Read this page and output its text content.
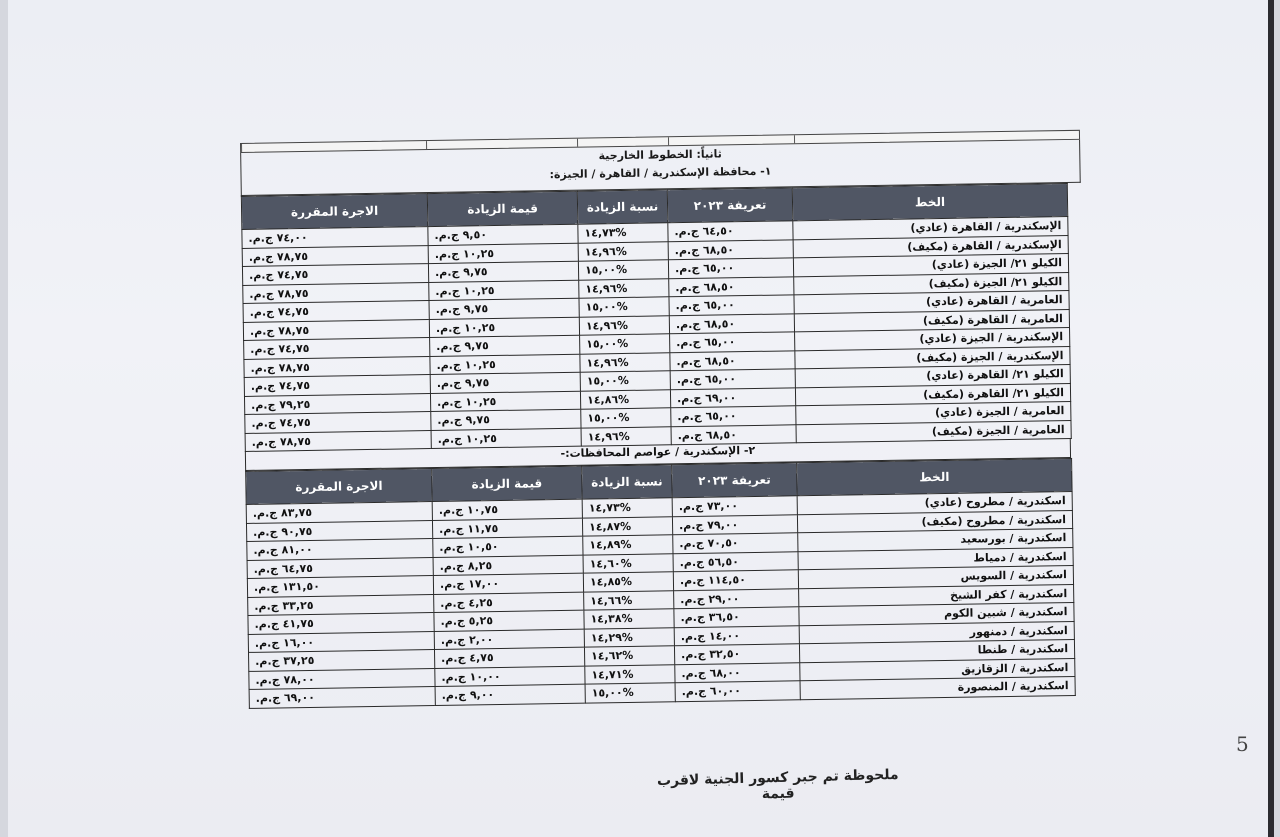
ثانياً: الخطوط الخارجية
١- محافظة الإسكندرية / القاهرة / الجيزة:
الخط	تعريفة ٢٠٢٣	نسبة الزيادة	قيمة الزيادة	الاجرة المقررة
الإسكندرية / القاهرة (عادي)	٦٤,٥٠ ج.م.	%١٤,٧٣	٩,٥٠ ج.م.	٧٤,٠٠ ج.م.
الإسكندرية / القاهرة (مكيف)	٦٨,٥٠ ج.م.	%١٤,٩٦	١٠,٢٥ ج.م.	٧٨,٧٥ ج.م.
الكيلو ٢١/ الجيزة (عادي)	٦٥,٠٠ ج.م.	%١٥,٠٠	٩,٧٥ ج.م.	٧٤,٧٥ ج.م.
الكيلو ٢١/ الجيزة (مكيف)	٦٨,٥٠ ج.م.	%١٤,٩٦	١٠,٢٥ ج.م.	٧٨,٧٥ ج.م.
العامرية / القاهرة (عادي)	٦٥,٠٠ ج.م.	%١٥,٠٠	٩,٧٥ ج.م.	٧٤,٧٥ ج.م.
العامرية / القاهرة (مكيف)	٦٨,٥٠ ج.م.	%١٤,٩٦	١٠,٢٥ ج.م.	٧٨,٧٥ ج.م.
الإسكندرية / الجيزة (عادي)	٦٥,٠٠ ج.م.	%١٥,٠٠	٩,٧٥ ج.م.	٧٤,٧٥ ج.م.
الإسكندرية / الجيزة (مكيف)	٦٨,٥٠ ج.م.	%١٤,٩٦	١٠,٢٥ ج.م.	٧٨,٧٥ ج.م.
الكيلو ٢١/ القاهرة (عادي)	٦٥,٠٠ ج.م.	%١٥,٠٠	٩,٧٥ ج.م.	٧٤,٧٥ ج.م.
الكيلو ٢١/ القاهرة (مكيف)	٦٩,٠٠ ج.م.	%١٤,٨٦	١٠,٢٥ ج.م.	٧٩,٢٥ ج.م.
العامرية / الجيزة (عادي)	٦٥,٠٠ ج.م.	%١٥,٠٠	٩,٧٥ ج.م.	٧٤,٧٥ ج.م.
العامرية / الجيزة (مكيف)	٦٨,٥٠ ج.م.	%١٤,٩٦	١٠,٢٥ ج.م.	٧٨,٧٥ ج.م.
٢- الإسكندرية / عواصم المحافظات:-
الخط	تعريفة ٢٠٢٣	نسبة الزيادة	قيمة الزيادة	الاجرة المقررة
اسكندرية / مطروح (عادي)	٧٣,٠٠ ج.م.	%١٤,٧٣	١٠,٧٥ ج.م.	٨٣,٧٥ ج.م.
اسكندرية / مطروح (مكيف)	٧٩,٠٠ ج.م.	%١٤,٨٧	١١,٧٥ ج.م.	٩٠,٧٥ ج.م.
اسكندرية / بورسعيد	٧٠,٥٠ ج.م.	%١٤,٨٩	١٠,٥٠ ج.م.	٨١,٠٠ ج.م.
اسكندرية / دمياط	٥٦,٥٠ ج.م.	%١٤,٦٠	٨,٢٥ ج.م.	٦٤,٧٥ ج.م.
اسكندرية / السويس	١١٤,٥٠ ج.م.	%١٤,٨٥	١٧,٠٠ ج.م.	١٣١,٥٠ ج.م.
اسكندرية / كفر الشيخ	٢٩,٠٠ ج.م.	%١٤,٦٦	٤,٢٥ ج.م.	٣٣,٢٥ ج.م.
اسكندرية / شبين الكوم	٣٦,٥٠ ج.م.	%١٤,٣٨	٥,٢٥ ج.م.	٤١,٧٥ ج.م.
اسكندرية / دمنهور	١٤,٠٠ ج.م.	%١٤,٢٩	٢,٠٠ ج.م.	١٦,٠٠ ج.م.
اسكندرية / طنطا	٣٢,٥٠ ج.م.	%١٤,٦٢	٤,٧٥ ج.م.	٣٧,٢٥ ج.م.
اسكندرية / الزقازيق	٦٨,٠٠ ج.م.	%١٤,٧١	١٠,٠٠ ج.م.	٧٨,٠٠ ج.م.
اسكندرية / المنصورة	٦٠,٠٠ ج.م.	%١٥,٠٠	٩,٠٠ ج.م.	٦٩,٠٠ ج.م.
5
ملحوظة تم جبر كسور الجنية لاقرب قيمة
